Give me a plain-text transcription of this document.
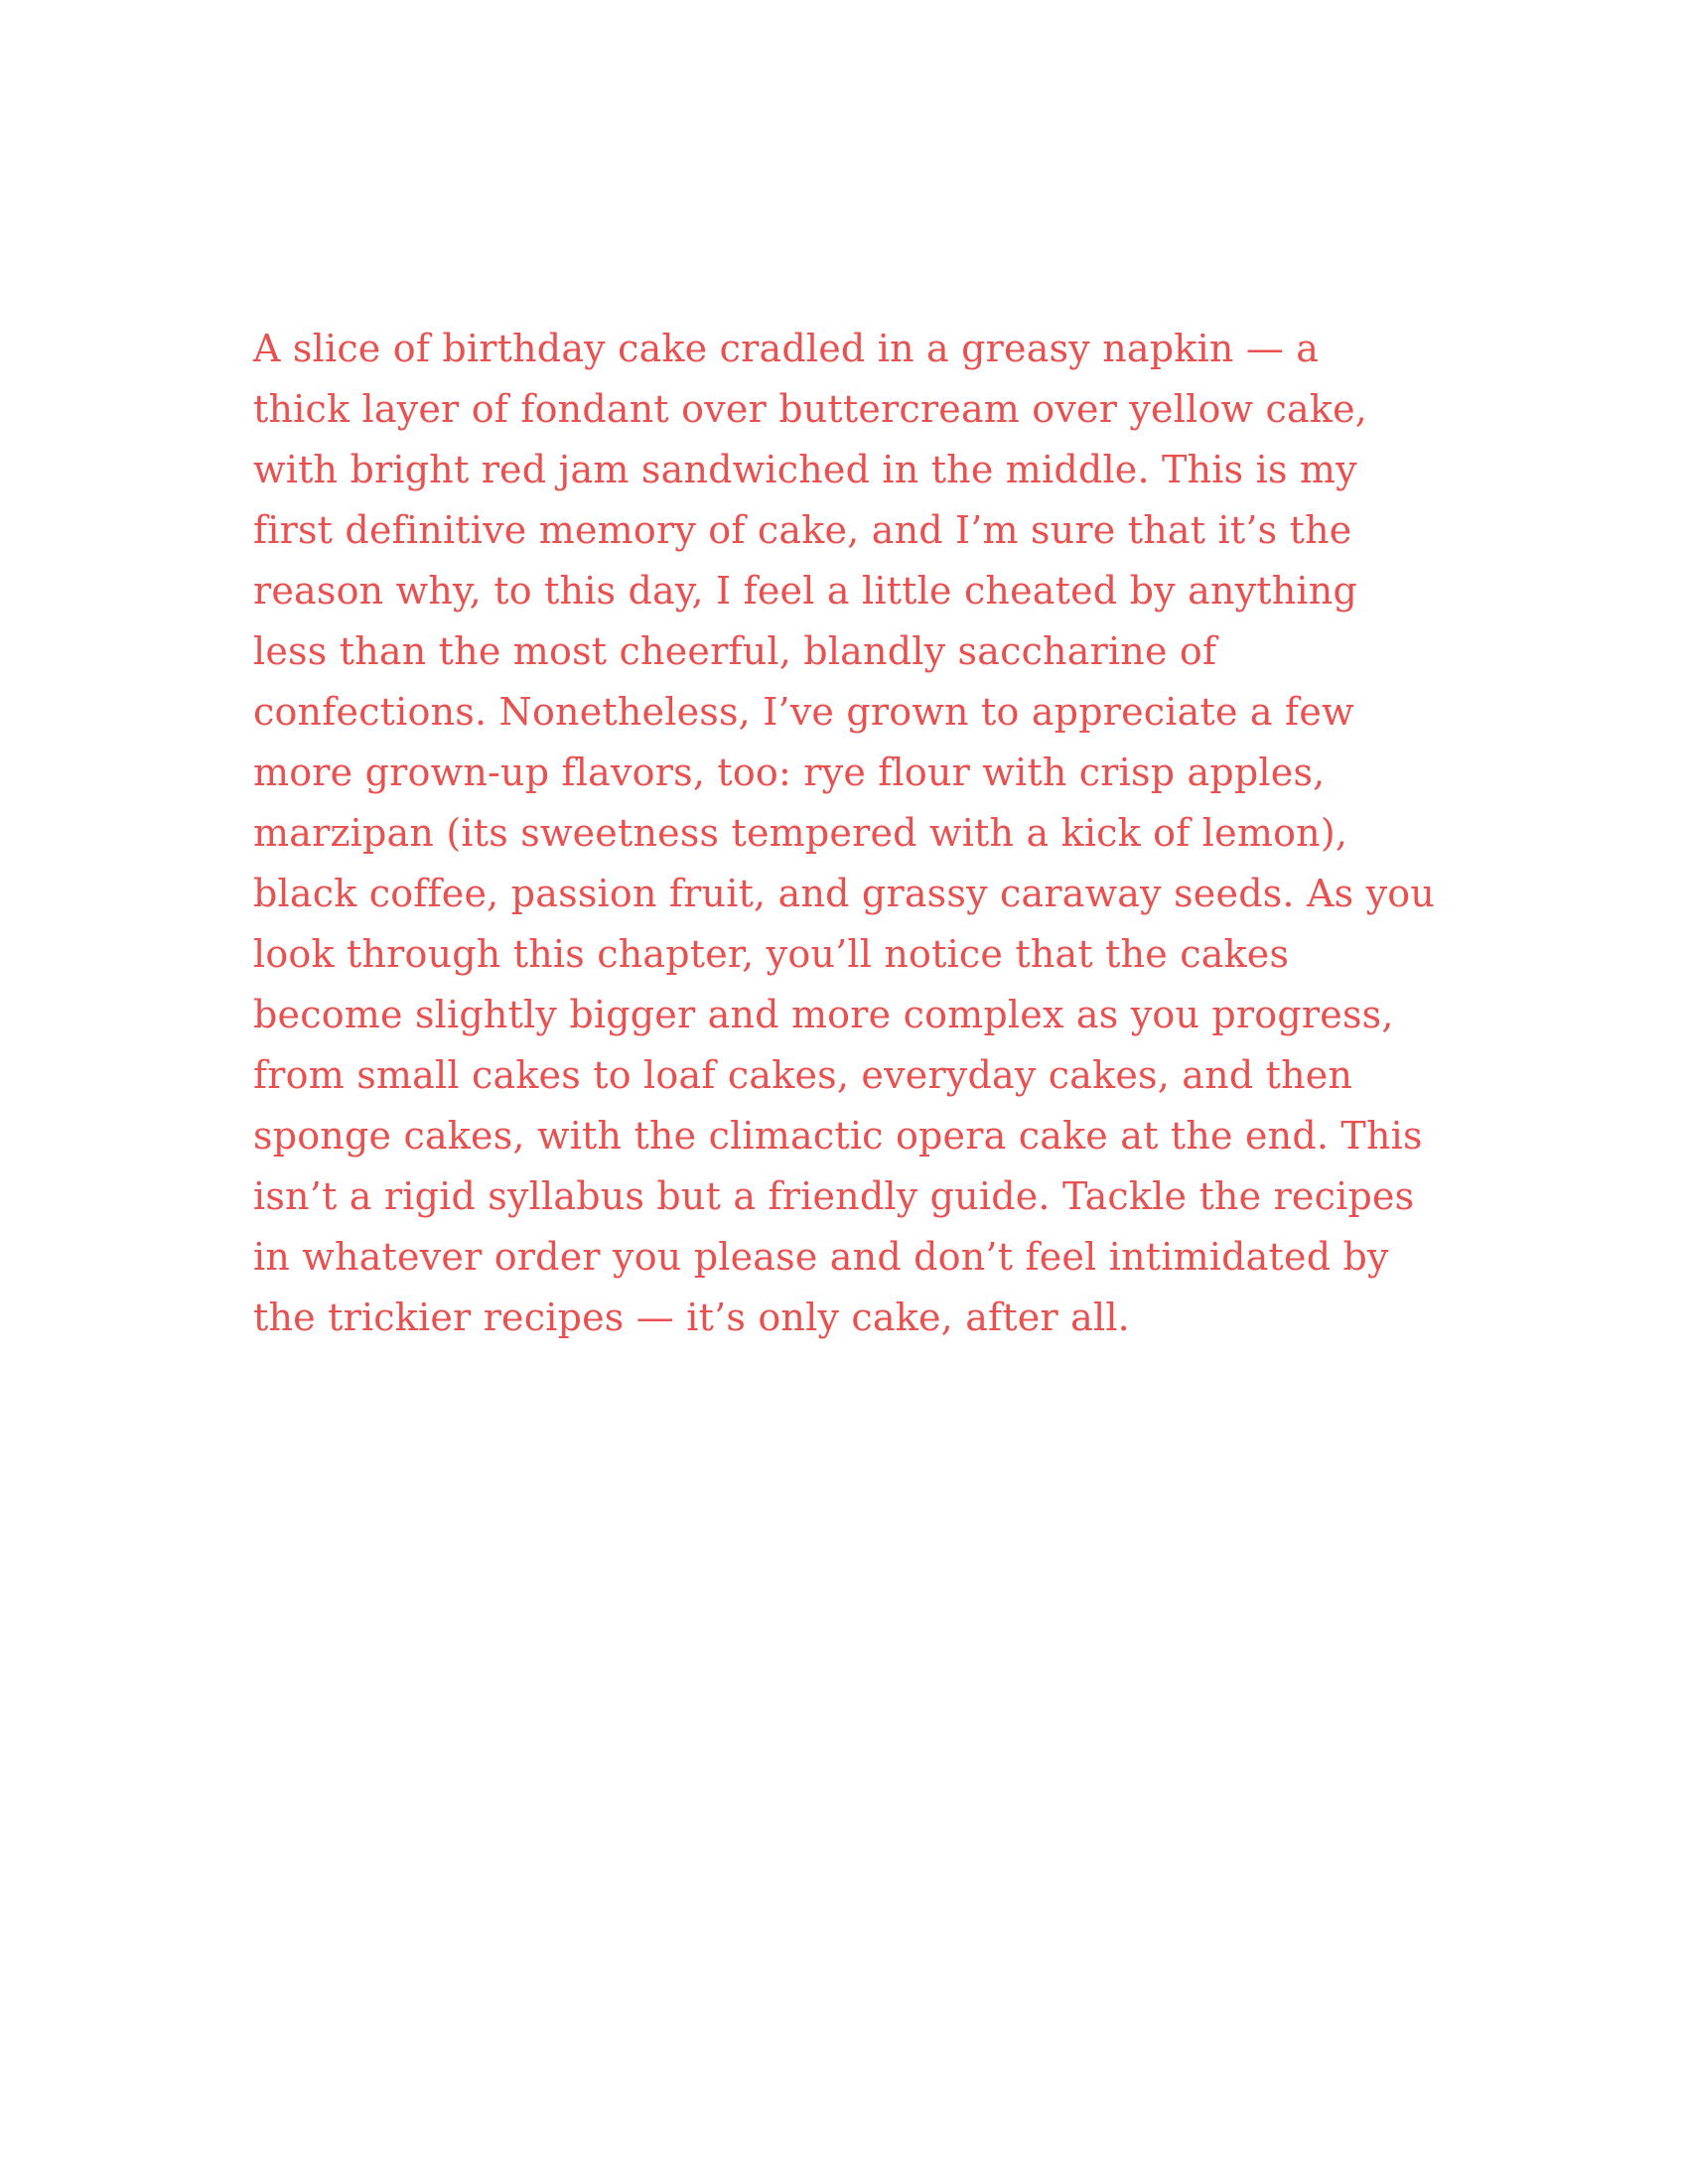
A slice of birthday cake cradled in a greasy napkin — a
thick layer of fondant over buttercream over yellow cake,
with bright red jam sandwiched in the middle. This is my
first definitive memory of cake, and I’m sure that it’s the
reason why, to this day, I feel a little cheated by anything
less than the most cheerful, blandly saccharine of
confections. Nonetheless, I’ve grown to appreciate a few
more grown-up flavors, too: rye flour with crisp apples,
marzipan (its sweetness tempered with a kick of lemon),
black coffee, passion fruit, and grassy caraway seeds. As you
look through this chapter, you’ll notice that the cakes
become slightly bigger and more complex as you progress,
from small cakes to loaf cakes, everyday cakes, and then
sponge cakes, with the climactic opera cake at the end. This
isn’t a rigid syllabus but a friendly guide. Tackle the recipes
in whatever order you please and don’t feel intimidated by
the trickier recipes — it’s only cake, after all.
